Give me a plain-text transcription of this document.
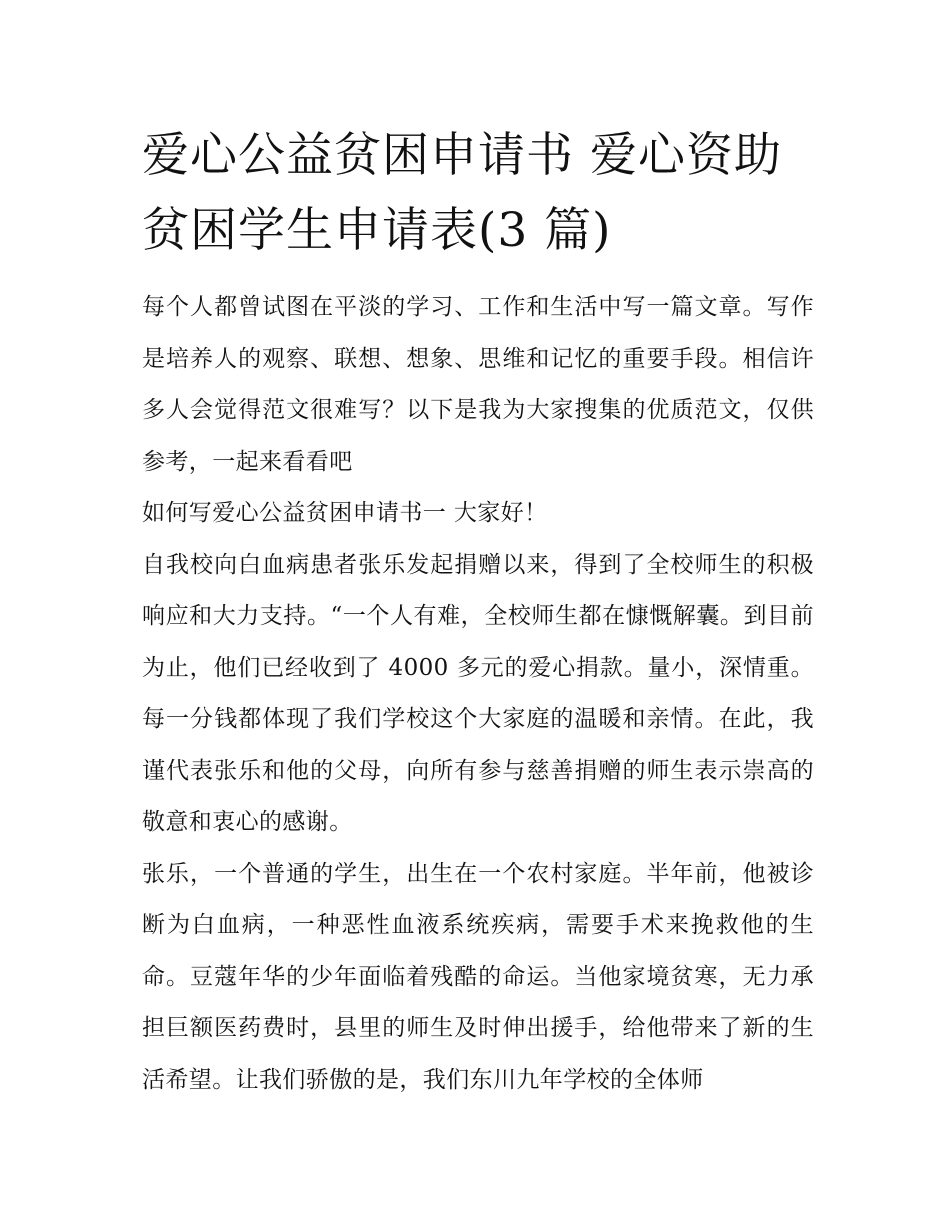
爱心公益贫困申请书 爱心资助
贫困学生申请表(3 篇)

每个人都曾试图在平淡的学习、工作和生活中写一篇文章。写作是培养人的观察、联想、想象、思维和记忆的重要手段。相信许多人会觉得范文很难写？以下是我为大家搜集的优质范文，仅供参考，一起来看看吧

如何写爱心公益贫困申请书一 大家好！

自我校向白血病患者张乐发起捐赠以来，得到了全校师生的积极响应和大力支持。“一个人有难，全校师生都在慷慨解囊。到目前为止，他们已经收到了 4000 多元的爱心捐款。量小，深情重。每一分钱都体现了我们学校这个大家庭的温暖和亲情。在此，我谨代表张乐和他的父母，向所有参与慈善捐赠的师生表示崇高的敬意和衷心的感谢。

张乐，一个普通的学生，出生在一个农村家庭。半年前，他被诊断为白血病，一种恶性血液系统疾病，需要手术来挽救他的生命。豆蔻年华的少年面临着残酷的命运。当他家境贫寒，无力承担巨额医药费时，县里的师生及时伸出援手，给他带来了新的生活希望。让我们骄傲的是，我们东川九年学校的全体师
